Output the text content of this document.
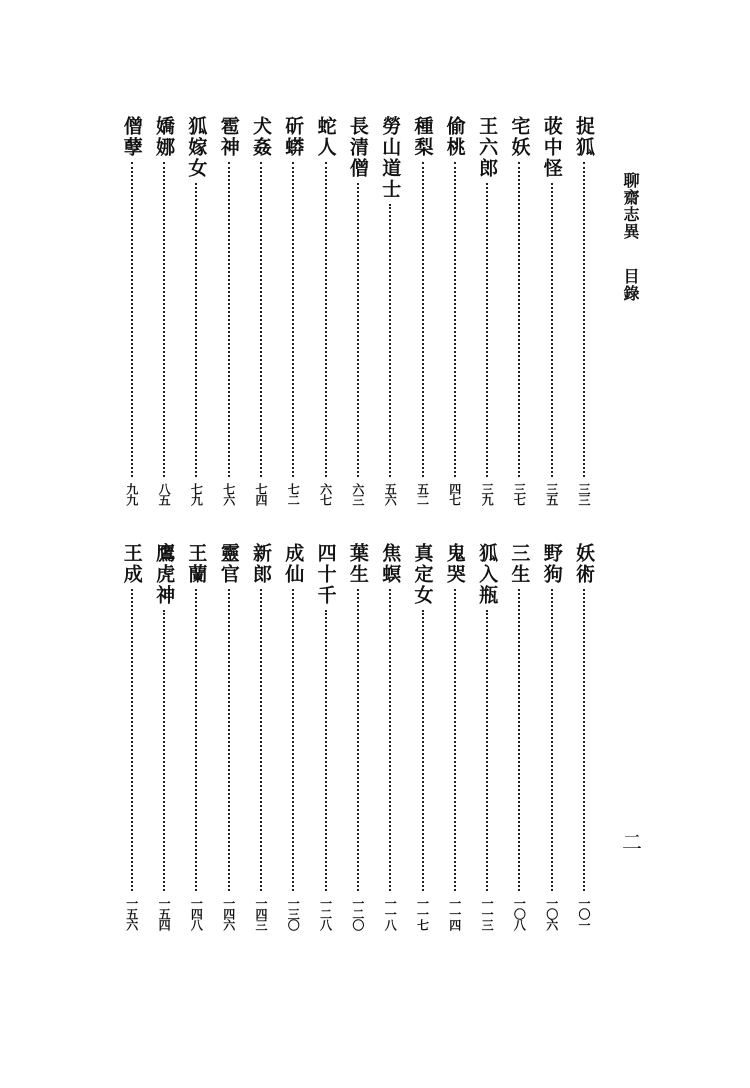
聊齋志異
目錄
二
捉狐
三三
荍中怪
三五
宅妖
三七
王六郎
三九
偷桃
四七
種梨
五二
勞山道士
五六
長清僧
六三
蛇人
六七
斫蟒
七二
犬姦
七四
雹神
七六
狐嫁女
七九
嬌娜
八五
僧孽
九九
妖術
一〇一
野狗
一〇六
三生
一〇八
狐入瓶
一一三
鬼哭
一一四
真定女
一一七
焦螟
一一八
葉生
一二〇
四十千
一二八
成仙
一三〇
新郎
一四三
靈官
一四六
王蘭
一四八
鷹虎神
一五四
王成
一五六
